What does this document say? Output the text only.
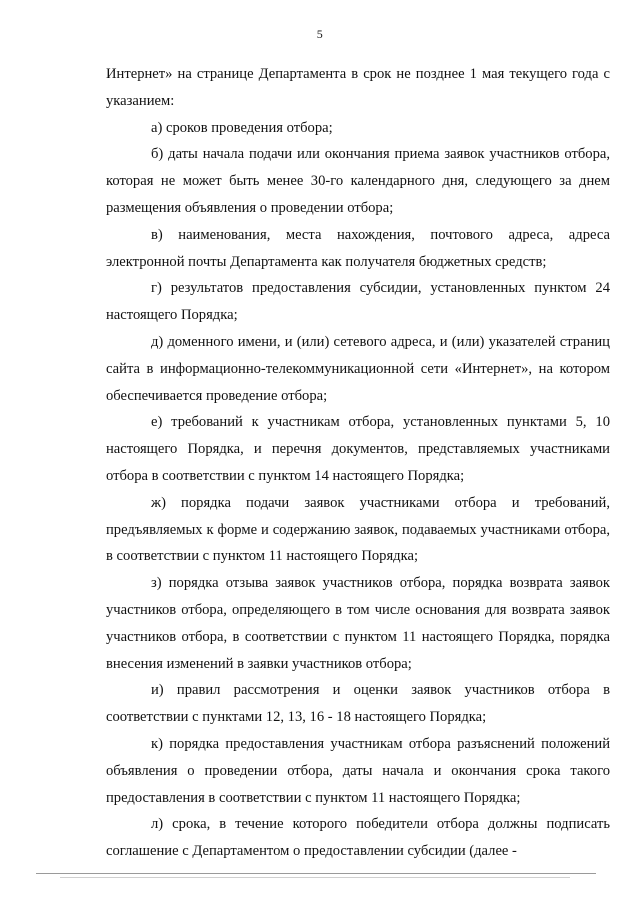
5

Интернет» на странице Департамента в срок не позднее 1 мая текущего года с указанием:

а) сроков проведения отбора;

б) даты начала подачи или окончания приема заявок участников отбора, которая не может быть менее 30-го календарного дня, следующего за днем размещения объявления о проведении отбора;

в) наименования, места нахождения, почтового адреса, адреса электронной почты Департамента как получателя бюджетных средств;

г) результатов предоставления субсидии, установленных пунктом 24 настоящего Порядка;

д) доменного имени, и (или) сетевого адреса, и (или) указателей страниц сайта в информационно-телекоммуникационной сети «Интернет», на котором обеспечивается проведение отбора;

е) требований к участникам отбора, установленных пунктами 5, 10 настоящего Порядка, и перечня документов, представляемых участниками отбора в соответствии с пунктом 14 настоящего Порядка;

ж) порядка подачи заявок участниками отбора и требований, предъявляемых к форме и содержанию заявок, подаваемых участниками отбора, в соответствии с пунктом 11 настоящего Порядка;

з) порядка отзыва заявок участников отбора, порядка возврата заявок участников отбора, определяющего в том числе основания для возврата заявок участников отбора, в соответствии с пунктом 11 настоящего Порядка, порядка внесения изменений в заявки участников отбора;

и) правил рассмотрения и оценки заявок участников отбора в соответствии с пунктами 12, 13, 16 - 18 настоящего Порядка;

к) порядка предоставления участникам отбора разъяснений положений объявления о проведении отбора, даты начала и окончания срока такого предоставления в соответствии с пунктом 11 настоящего Порядка;

л) срока, в течение которого победители отбора должны подписать соглашение с Департаментом о предоставлении субсидии (далее -
